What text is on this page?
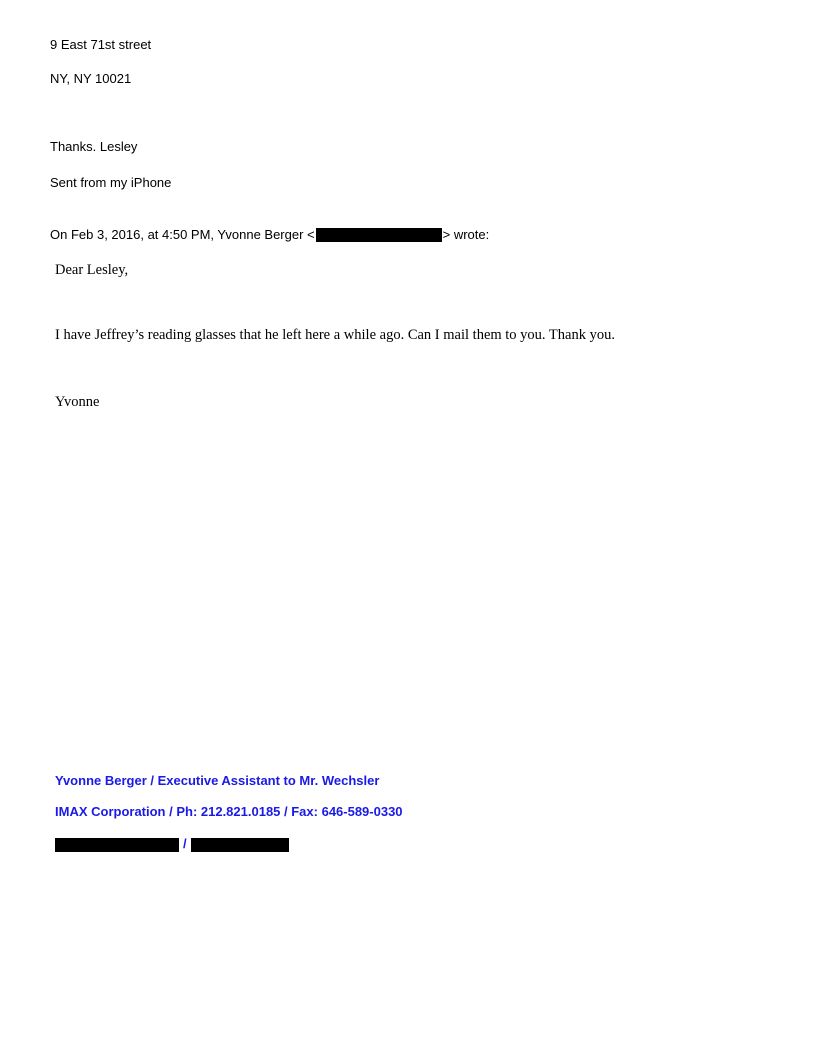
9 East 71st street
NY, NY 10021
Thanks. Lesley
Sent from my iPhone
On Feb 3, 2016, at 4:50 PM, Yvonne Berger <	> wrote:
Dear Lesley,
I have Jeffrey’s reading glasses that he left here a while ago. Can I mail them to you. Thank you.
Yvonne
Yvonne Berger / Executive Assistant to Mr. Wechsler
IMAX Corporation / Ph: 212.821.0185 / Fax: 646-589-0330
/
